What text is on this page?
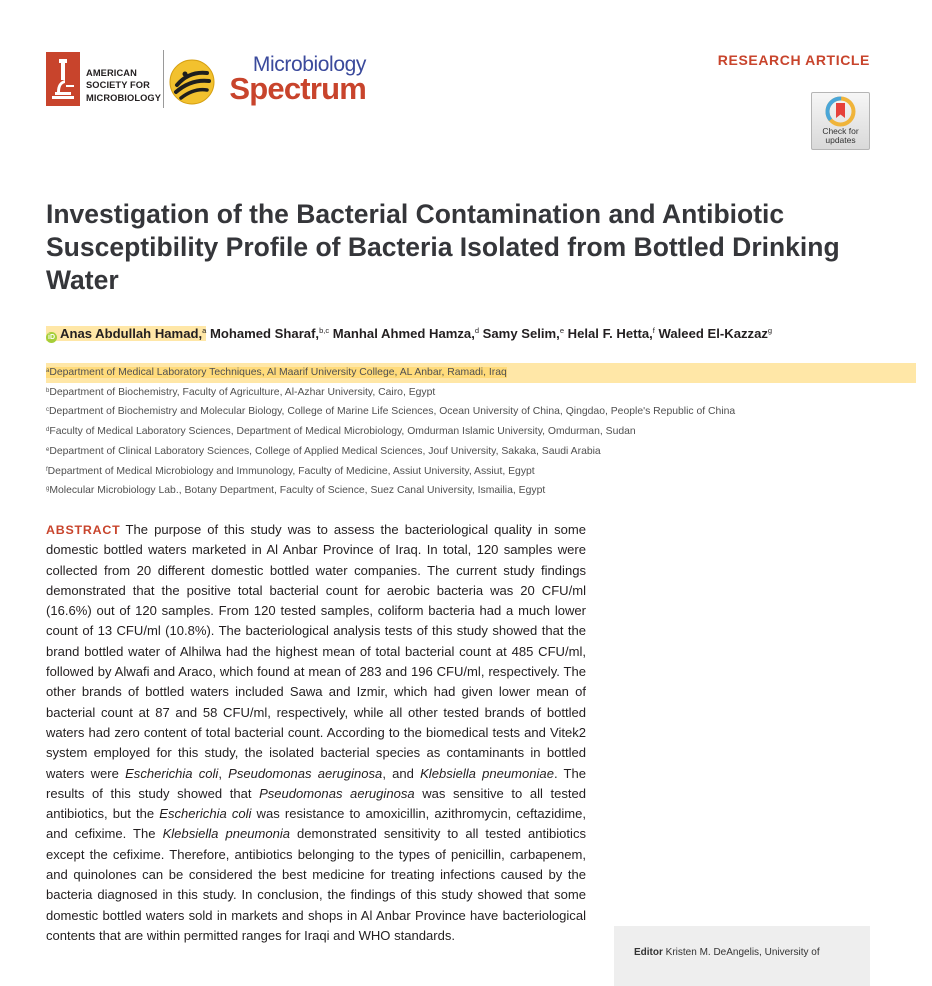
AMERICAN
SOCIETY FOR
MICROBIOLOGY
Microbiology
Spectrum
RESEARCH ARTICLE
Check for
updates
Investigation of the Bacterial Contamination and Antibiotic Susceptibility Profile of Bacteria Isolated from Bottled Drinking Water
iD Anas Abdullah Hamad,$^a$ Mohamed Sharaf,$^{b,c}$ Manhal Ahmed Hamza,$^d$ Samy Selim,$^e$ Helal F. Hetta,$^f$ Waleed El-Kazzaz$^g$
$^a$Department of Medical Laboratory Techniques, Al Maarif University College, AL Anbar, Ramadi, Iraq
$^b$Department of Biochemistry, Faculty of Agriculture, Al-Azhar University, Cairo, Egypt
$^c$Department of Biochemistry and Molecular Biology, College of Marine Life Sciences, Ocean University of China, Qingdao, People's Republic of China
$^d$Faculty of Medical Laboratory Sciences, Department of Medical Microbiology, Omdurman Islamic University, Omdurman, Sudan
$^e$Department of Clinical Laboratory Sciences, College of Applied Medical Sciences, Jouf University, Sakaka, Saudi Arabia
$^f$Department of Medical Microbiology and Immunology, Faculty of Medicine, Assiut University, Assiut, Egypt
$^g$Molecular Microbiology Lab., Botany Department, Faculty of Science, Suez Canal University, Ismailia, Egypt

ABSTRACT The purpose of this study was to assess the bacteriological quality in some domestic bottled waters marketed in Al Anbar Province of Iraq. In total, 120 samples were collected from 20 different domestic bottled water companies. The current study findings demonstrated that the positive total bacterial count for aerobic bacteria was 20 CFU/ml (16.6%) out of 120 samples. From 120 tested samples, coliform bacteria had a much lower count of 13 CFU/ml (10.8%). The bacteriological analysis tests of this study showed that the brand bottled water of Alhilwa had the highest mean of total bacterial count at 485 CFU/ml, followed by Alwafi and Araco, which found at mean of 283 and 196 CFU/ml, respectively. The other brands of bottled waters included Sawa and Izmir, which had given lower mean of bacterial count at 87 and 58 CFU/ml, respectively, while all other tested brands of bottled waters had zero content of total bacterial count. According to the biomedical tests and Vitek2 system employed for this study, the isolated bacterial species as contaminants in bottled waters were Escherichia coli, Pseudomonas aeruginosa, and Klebsiella pneumoniae. The results of this study showed that Pseudomonas aeruginosa was sensitive to all tested antibiotics, but the Escherichia coli was resistance to amoxicillin, azithromycin, ceftazidime, and cefixime. The Klebsiella pneumonia demonstrated sensitivity to all tested antibiotics except the cefixime. Therefore, antibiotics belonging to the types of penicillin, carbapenem, and quinolones can be considered the best medicine for treating infections caused by the bacteria diagnosed in this study. In conclusion, the findings of this study showed that some domestic bottled waters sold in markets and shops in Al Anbar Province have bacteriological contents that are within permitted ranges for Iraqi and WHO standards.

Editor Kristen M. DeAngelis, University of
